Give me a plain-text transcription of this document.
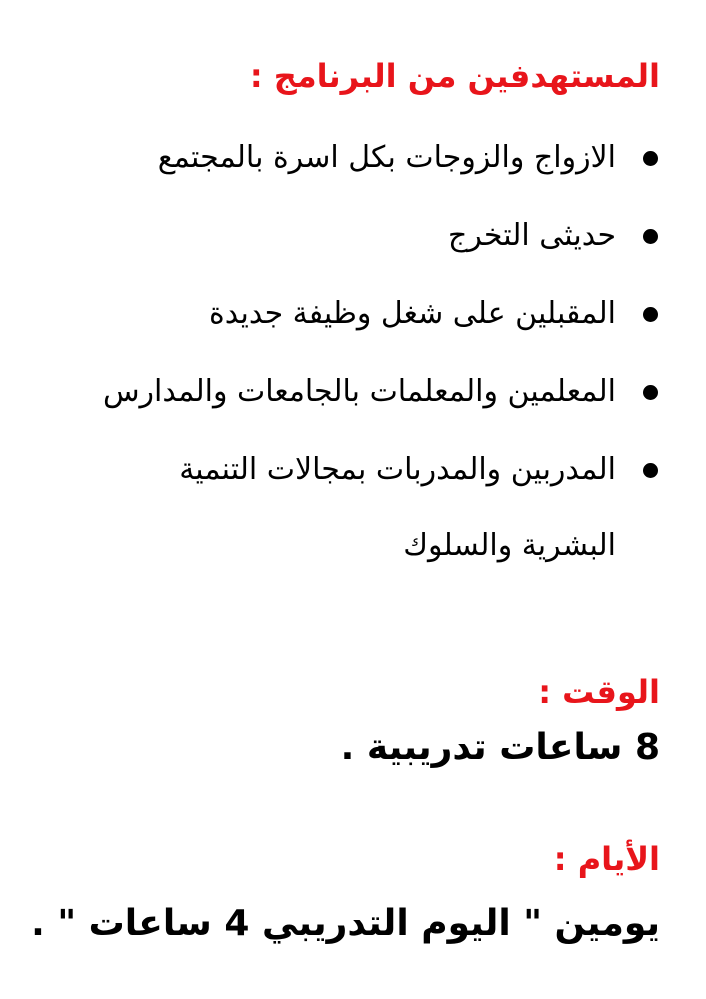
المستهدفين من البرنامج :
الازواج والزوجات بكل اسرة بالمجتمع
حديثى التخرج
المقبلين على شغل وظيفة جديدة
المعلمين والمعلمات بالجامعات والمدارس
المدربين والمدربات بمجالات التنمية البشرية والسلوك
الوقت :
8 ساعات تدريبية .
الأيام :
يومين " اليوم التدريبي 4 ساعات " .
